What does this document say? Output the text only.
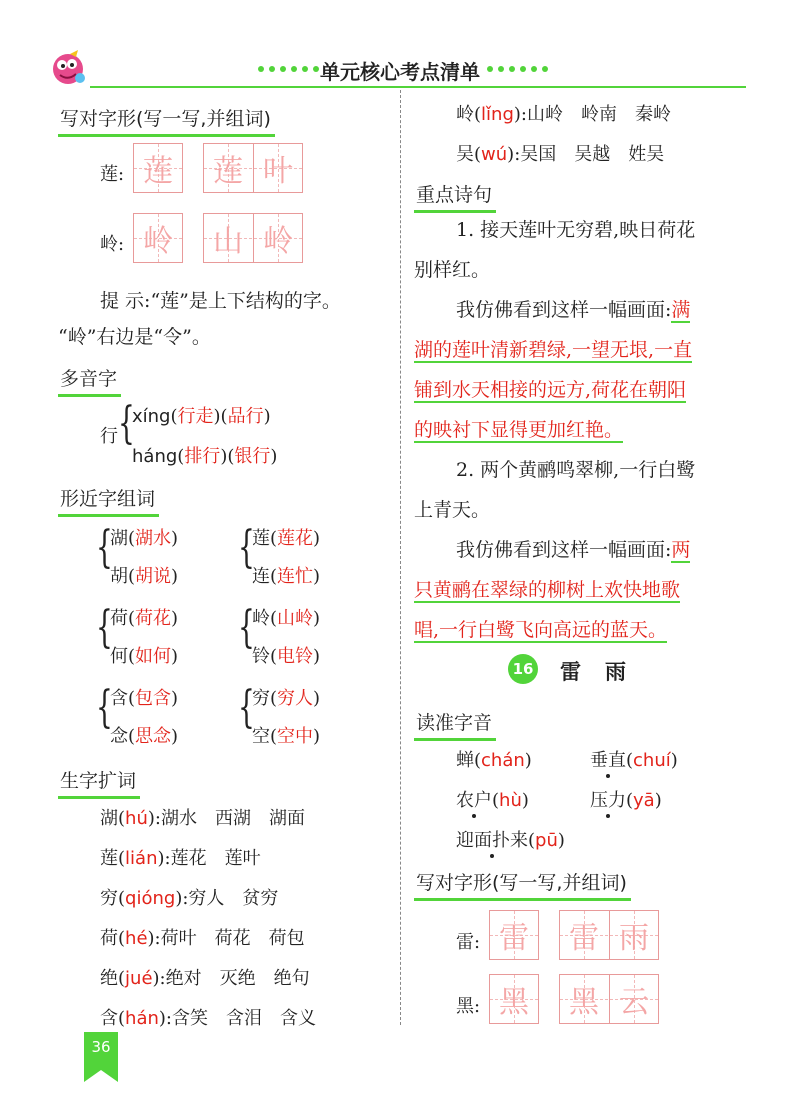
单元核心考点清单
写对字形(写一写,并组词)
莲: 莲 莲 叶
岭: 岭 山 岭
提 示:“莲”是上下结构的字。
“岭”右边是“令”。
多音字
行 {
xíng(行走)(品行)
háng(排行)(银行)
形近字组词
{
湖(湖水)
胡(胡说)
{
莲(莲花)
连(连忙)
{
荷(荷花)
何(如何)
{
岭(山岭)
铃(电铃)
{
含(包含)
念(思念)
{
穷(穷人)
空(空中)
生字扩词
湖(hú):湖水　西湖　湖面
莲(lián):莲花　莲叶
穷(qióng):穷人　贫穷
荷(hé):荷叶　荷花　荷包
绝(jué):绝对　灭绝　绝句
含(hán):含笑　含泪　含义
岭(lǐng):山岭　岭南　秦岭
吴(wú):吴国　吴越　姓吴
重点诗句
1. 接天莲叶无穷碧,映日荷花
别样红。
我仿佛看到这样一幅画面:满
湖的莲叶清新碧绿,一望无垠,一直
铺到水天相接的远方,荷花在朝阳
的映衬下显得更加红艳。
2. 两个黄鹂鸣翠柳,一行白鹭
上青天。
我仿佛看到这样一幅画面:两
只黄鹂在翠绿的柳树上欢快地歌
唱,一行白鹭飞向高远的蓝天。
16 雷雨
读准字音
蝉(chán)	垂直(chuí)
农户(hù)	压力(yā)
迎面扑来(pū)
写对字形(写一写,并组词)
雷: 雷 雷 雨
黑: 黑 黑 云
36
